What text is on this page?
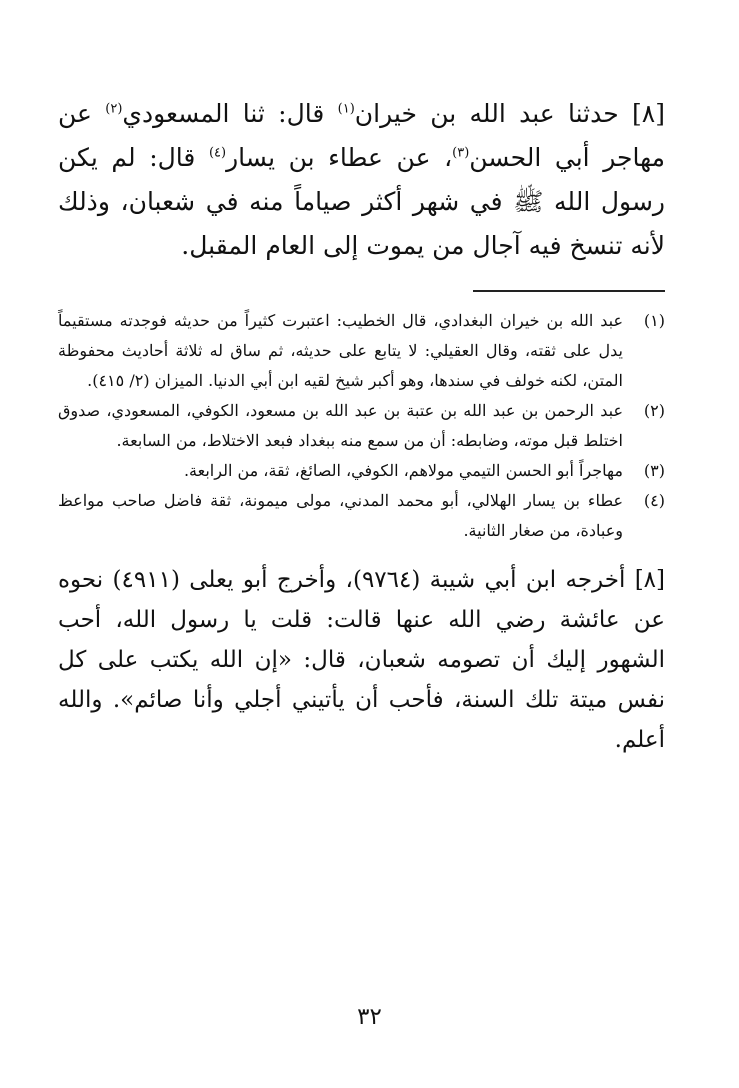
[٨] حدثنا عبد الله بن خيران$^{(١)}$ قال: ثنا المسعودي$^{(٢)}$ عن مهاجر أبي الحسن$^{(٣)}$، عن عطاء بن يسار$^{(٤)}$ قال: لم يكن رسول الله ﷺ في شهر أكثر صياماً منه في شعبان، وذلك لأنه تنسخ فيه آجال من يموت إلى العام المقبل.

(١)
عبد الله بن خيران البغدادي، قال الخطيب: اعتبرت كثيراً من حديثه فوجدته مستقيماً يدل على ثقته، وقال العقيلي: لا يتابع على حديثه، ثم ساق له ثلاثة أحاديث محفوظة المتن، لكنه خولف في سندها، وهو أكبر شيخ لقيه ابن أبي الدنيا. الميزان (٢/ ٤١٥).
(٢)
عبد الرحمن بن عبد الله بن عتبة بن عبد الله بن مسعود، الكوفي، المسعودي، صدوق اختلط قبل موته، وضابطه: أن من سمع منه ببغداد فبعد الاختلاط، من السابعة.
(٣)
مهاجراً أبو الحسن التيمي مولاهم، الكوفي، الصائغ، ثقة، من الرابعة.
(٤)
عطاء بن يسار الهلالي، أبو محمد المدني، مولى ميمونة، ثقة فاضل صاحب مواعظ وعبادة، من صغار الثانية.

[٨] أخرجه ابن أبي شيبة (٩٧٦٤)، وأخرج أبو يعلى (٤٩١١) نحوه عن عائشة رضي الله عنها قالت: قلت يا رسول الله، أحب الشهور إليك أن تصومه شعبان، قال: «إن الله يكتب على كل نفس ميتة تلك السنة، فأحب أن يأتيني أجلي وأنا صائم». والله أعلم.

٣٢
